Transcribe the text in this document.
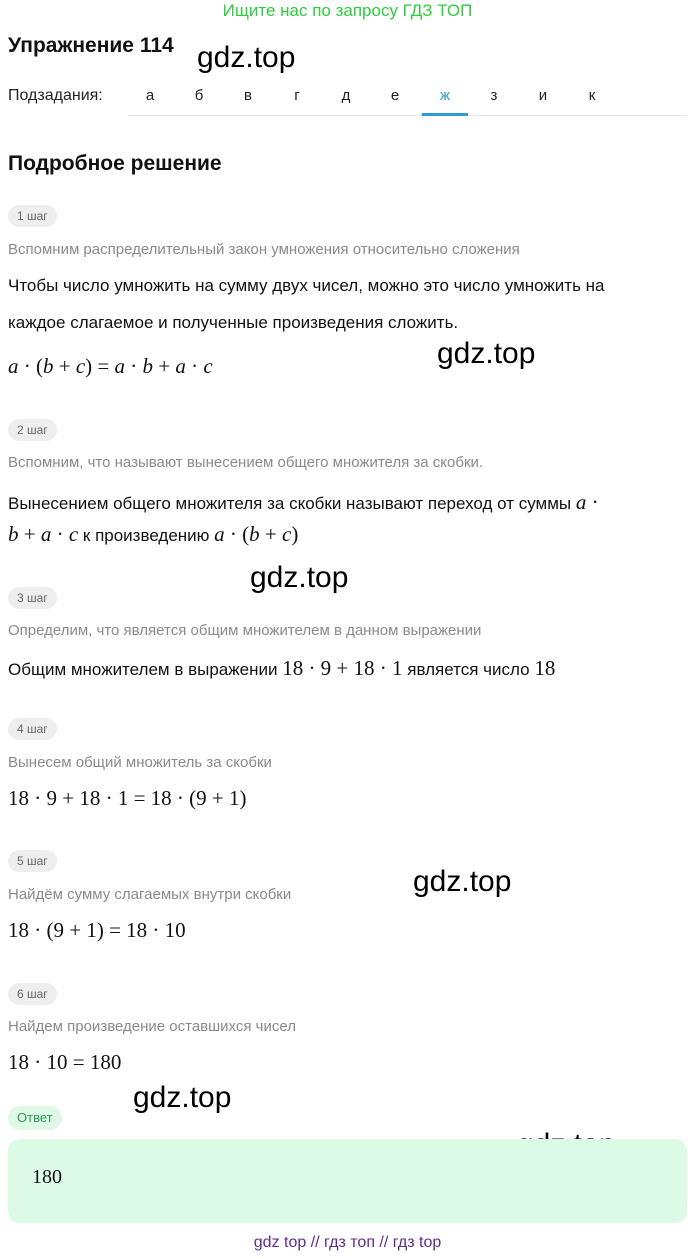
Ищите нас по запросу ГДЗ ТОП
Упражнение 114 gdz.top
gdz.top
gdz.top
gdz.top
gdz.top
Подзадания:	а	б	в	г	д	е	ж	з	и	к
Подробное решение
1 шаг
Вспомним распределительный закон умножения относительно сложения
Чтобы число умножить на сумму двух чисел, можно это число умножить на
каждое слагаемое и полученные произведения сложить.
a · (b + c) = a · b + a · c
2 шаг
Вспомним, что называют вынесением общего множителя за скобки.
Вынесением общего множителя за скобки называют переход от суммы a ·
b + a · c к произведению a · (b + c)
3 шаг
Определим, что является общим множителем в данном выражении
Общим множителем в выражении 18 · 9 + 18 · 1 является число 18
4 шаг
Вынесем общий множитель за скобки
18 · 9 + 18 · 1 = 18 · (9 + 1)
5 шаг
Найдём сумму слагаемых внутри скобки
18 · (9 + 1) = 18 · 10
6 шаг
Найдем произведение оставшихся чисел
18 · 10 = 180
Ответ
180
gdz top // гдз топ // гдз top
